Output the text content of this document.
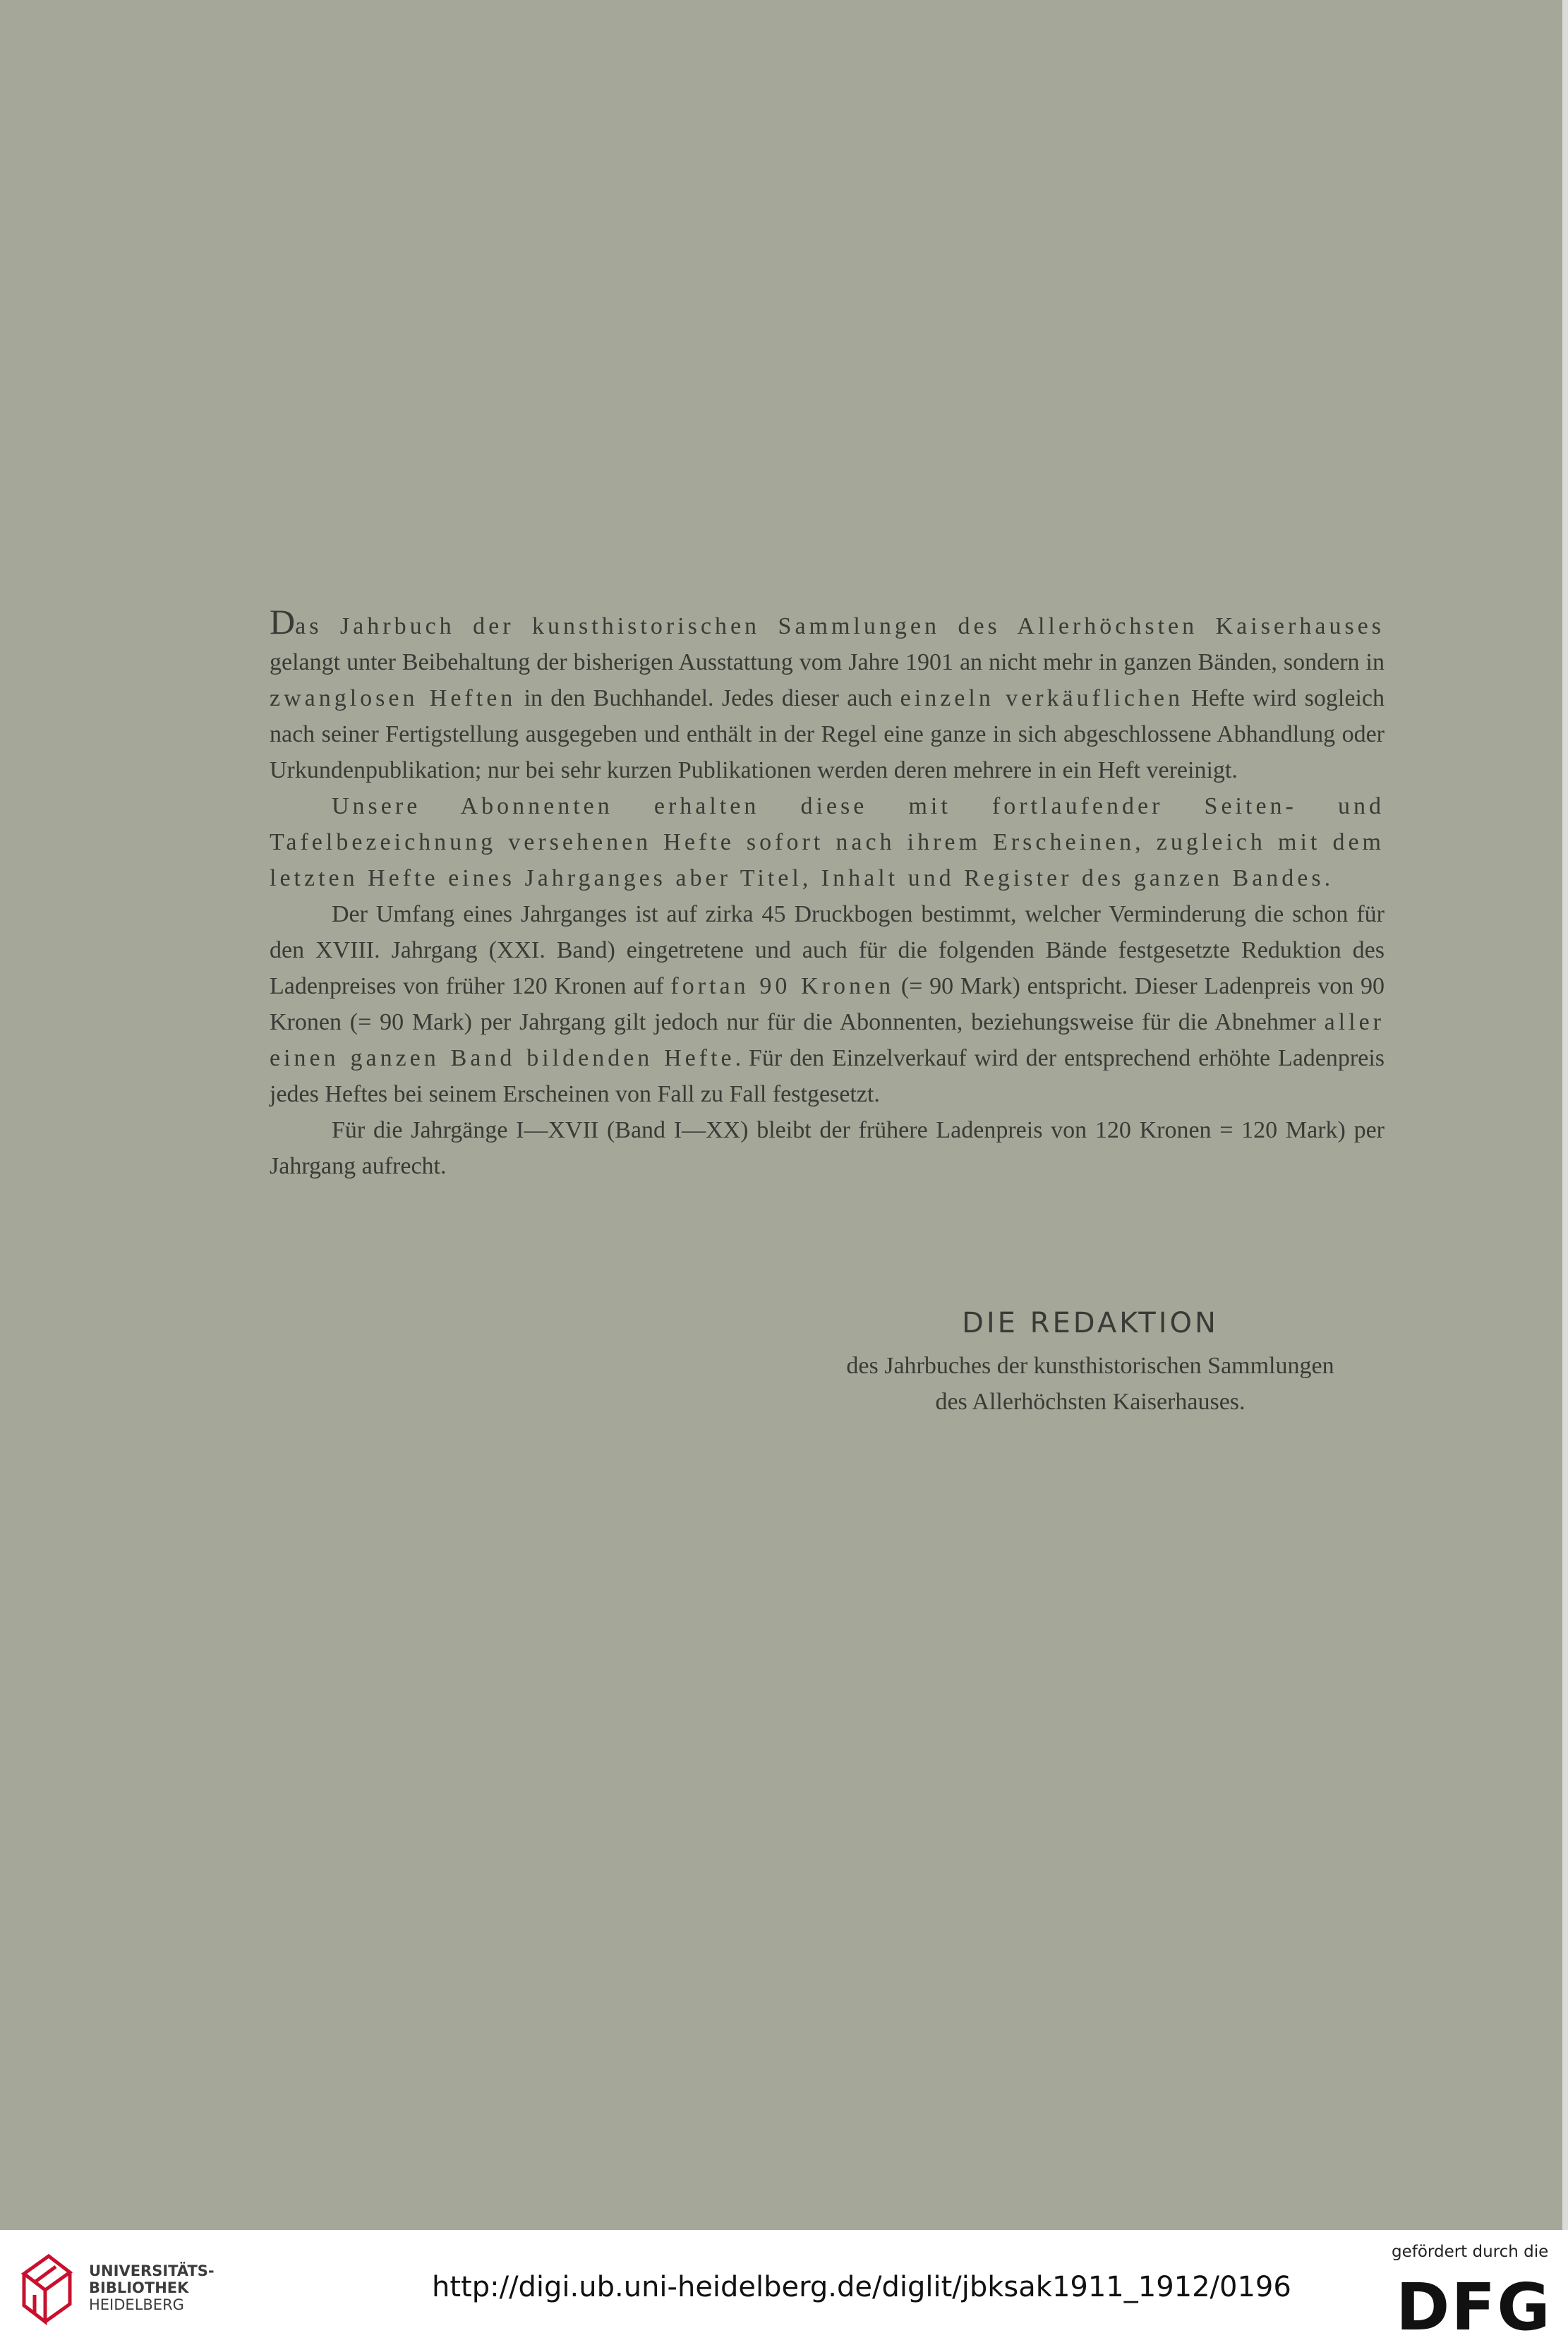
Das Jahrbuch der kunsthistorischen Sammlungen des Allerhöchsten Kaiserhauses gelangt unter Beibehaltung der bisherigen Ausstattung vom Jahre 1901 an nicht mehr in ganzen Bänden, sondern in zwanglosen Heften in den Buchhandel. Jedes dieser auch einzeln verkäuflichen Hefte wird sogleich nach seiner Fertigstellung ausgegeben und enthält in der Regel eine ganze in sich abgeschlossene Abhandlung oder Urkundenpublikation; nur bei sehr kurzen Publikationen werden deren mehrere in ein Heft vereinigt.

Unsere Abonnenten erhalten diese mit fortlaufender Seiten- und Tafelbezeichnung versehenen Hefte sofort nach ihrem Erscheinen, zugleich mit dem letzten Hefte eines Jahrganges aber Titel, Inhalt und Register des ganzen Bandes.

Der Umfang eines Jahrganges ist auf zirka 45 Druckbogen bestimmt, welcher Verminderung die schon für den XVIII. Jahrgang (XXI. Band) eingetretene und auch für die folgenden Bände festgesetzte Reduktion des Ladenpreises von früher 120 Kronen auf fortan 90 Kronen (= 90 Mark) entspricht. Dieser Ladenpreis von 90 Kronen (= 90 Mark) per Jahrgang gilt jedoch nur für die Abonnenten, beziehungsweise für die Abnehmer aller einen ganzen Band bildenden Hefte. Für den Einzelverkauf wird der entsprechend erhöhte Ladenpreis jedes Heftes bei seinem Erscheinen von Fall zu Fall festgesetzt.

Für die Jahrgänge I—XVII (Band I—XX) bleibt der frühere Ladenpreis von 120 Kronen = 120 Mark) per Jahrgang aufrecht.

DIE REDAKTION
des Jahrbuches der kunsthistorischen Sammlungen
des Allerhöchsten Kaiserhauses.
UNIVERSITÄTS-
BIBLIOTHEK
HEIDELBERG
http://digi.ub.uni-heidelberg.de/diglit/jbksak1911_1912/0196
gefördert durch die
DFG
